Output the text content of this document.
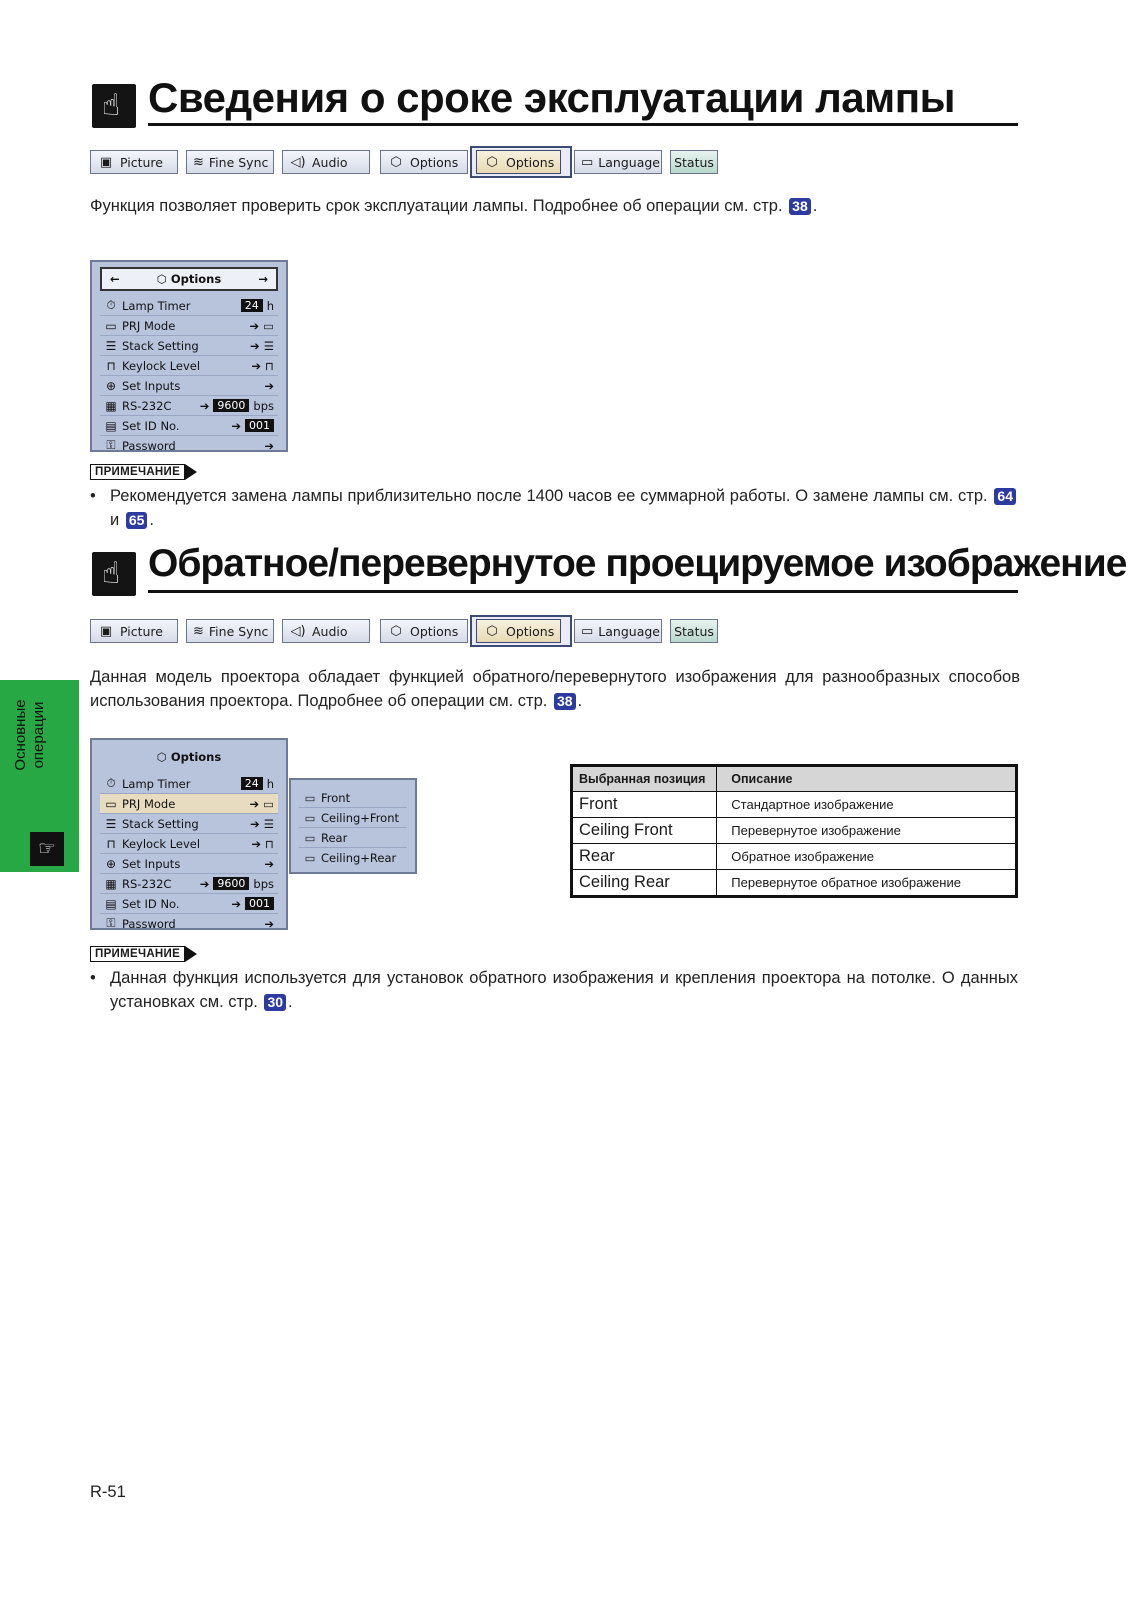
☝ Сведения о сроке эксплуатации лампы
▣ Picture ≋ Fine Sync ◁) Audio	⬡ Options ⬡ Options ▭ Language Status
Функция позволяет проверить срок эксплуатации лампы. Подробнее об операции см. стр. 38 .
←	⬡ Options	→
⏱ Lamp Timer	24 h
▭ PRJ Mode	➔ ▭
☰ Stack Setting	➔ ☰
⊓ Keylock Level	➔ ⊓
⊕ Set Inputs	➔
▦ RS-232C	➔ 9600 bps
▤ Set ID No.	➔ 001
⚿ Password	➔
ПРИМЕЧАНИЕ
• Рекомендуется замена лампы приблизительно после 1400 часов ее суммарной работы. О замене лампы см. стр. 64 и 65 .
☝ Обратное/перевернутое проецируемое изображение
▣ Picture ≋ Fine Sync ◁) Audio	⬡ Options ⬡ Options ▭ Language Status
Данная модель проектора обладает функцией обратного/перевернутого изображения для разнообразных способов использования проектора. Подробнее об операции см. стр. 38 .
⬡ Options
⏱ Lamp Timer	24 h
▭ PRJ Mode	➔ ▭
☰ Stack Setting	➔ ☰
⊓ Keylock Level	➔ ⊓
⊕ Set Inputs	➔
▦ RS-232C	➔ 9600 bps
▤ Set ID No.	➔ 001
⚿ Password	➔
▭ Front
▭ Ceiling+Front
▭ Rear
▭ Ceiling+Rear
Выбранная позиция	Описание
Front	Стандартное изображение
Ceiling Front	Перевернутое изображение
Rear	Обратное изображение
Ceiling Rear	Перевернутое обратное изображение
ПРИМЕЧАНИЕ
• Данная функция используется для установок обратного изображения и крепления проектора на потолке. О данных установках см. стр. 30 .
Основные операции
☞
R-51
